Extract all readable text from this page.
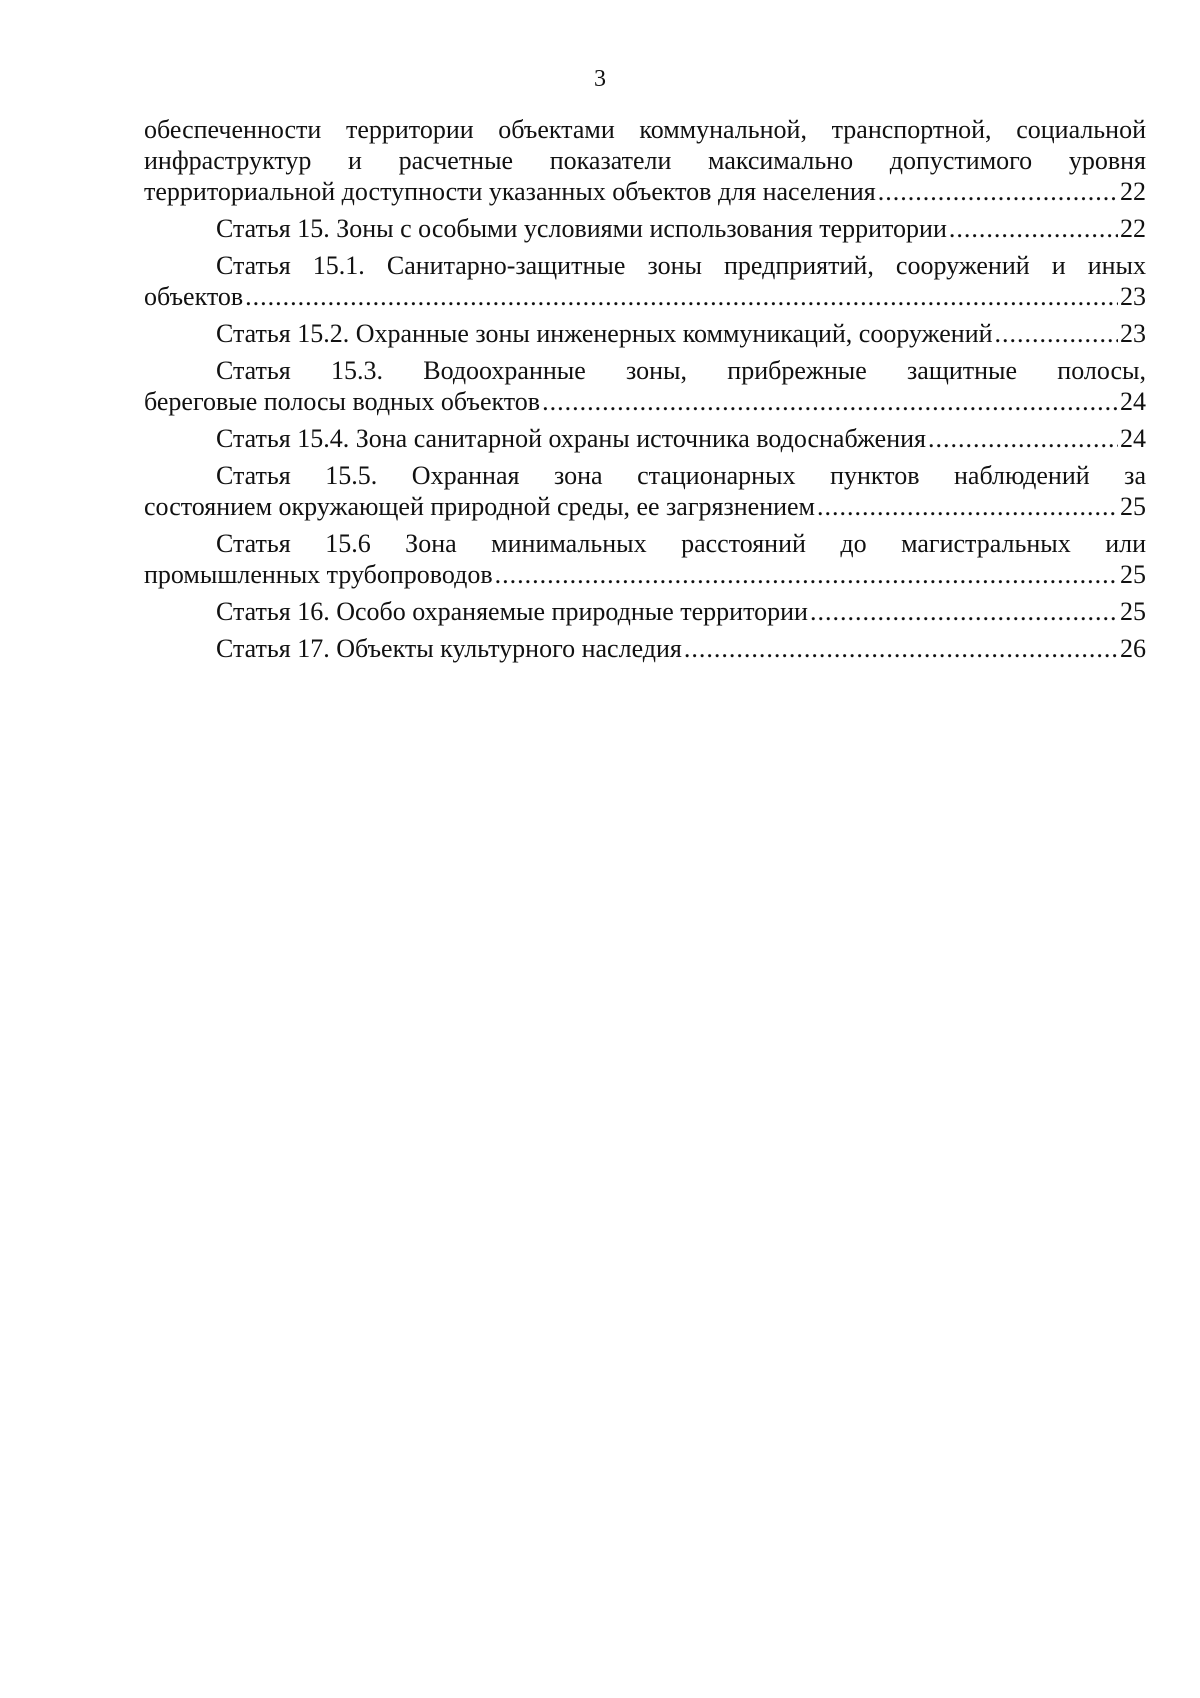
3
обеспеченности территории объектами коммунальной, транспортной, социальной
инфраструктур и расчетные показатели максимально допустимого уровня
территориальной доступности указанных объектов для населения .....	22
Статья 15. Зоны с особыми условиями использования территории .....	22
Статья 15.1. Санитарно-защитные зоны предприятий, сооружений и иных
объектов .....	23
Статья 15.2. Охранные зоны инженерных коммуникаций, сооружений .....	23
Статья 15.3. Водоохранные зоны, прибрежные защитные полосы,
береговые полосы водных объектов .....	24
Статья 15.4. Зона санитарной охраны источника водоснабжения .....	24
Статья 15.5. Охранная зона стационарных пунктов наблюдений за
состоянием окружающей природной среды, ее загрязнением .....	25
Статья 15.6 Зона минимальных расстояний до магистральных или
промышленных трубопроводов .....	25
Статья 16. Особо охраняемые природные территории .....	25
Статья 17. Объекты культурного наследия .....	26
